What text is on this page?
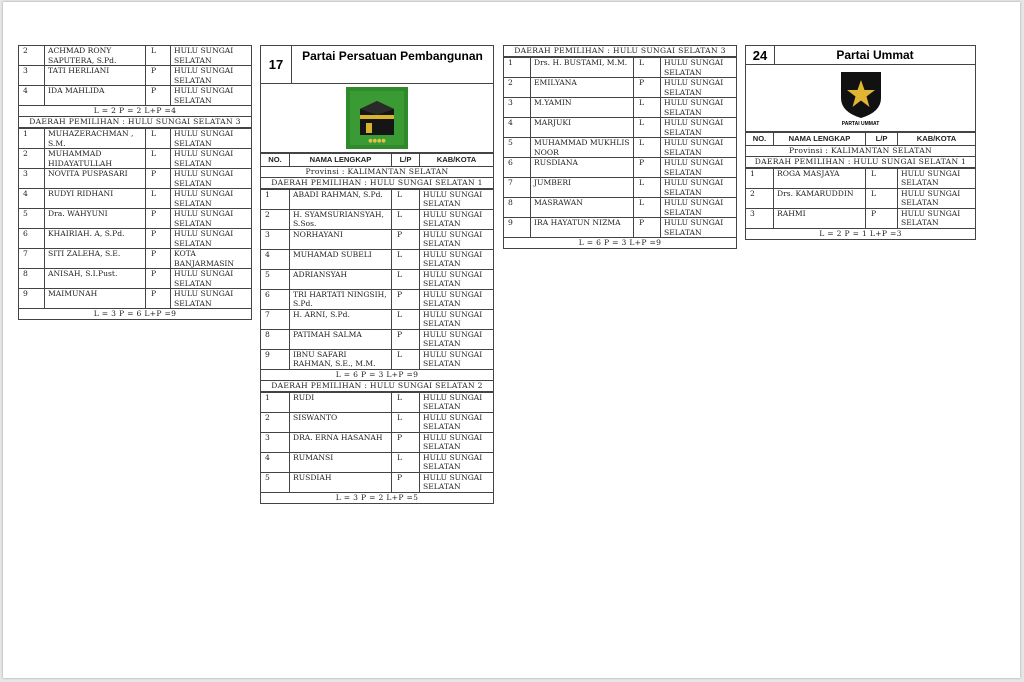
2	ACHMAD RONY SAPUTERA, S.Pd.	L	HULU SUNGAI SELATAN
3	TATI HERLIANI	P	HULU SUNGAI SELATAN
4	IDA MAHLIDA	P	HULU SUNGAI SELATAN
L = 2 P = 2 L+P =4
DAERAH PEMILIHAN : HULU SUNGAI SELATAN 3
1	MUHAZERACHMAN , S.M.	L	HULU SUNGAI SELATAN
2	MUHAMMAD HIDAYATULLAH	L	HULU SUNGAI SELATAN
3	NOVITA PUSPASARI	P	HULU SUNGAI SELATAN
4	RUDYI RIDHANI	L	HULU SUNGAI SELATAN
5	Dra. WAHYUNI	P	HULU SUNGAI SELATAN
6	KHAIRIAH. A, S.Pd.	P	HULU SUNGAI SELATAN
7	SITI ZALEHA, S.E.	P	KOTA BANJARMASIN
8	ANISAH, S.I.Pust.	P	HULU SUNGAI SELATAN
9	MAIMUNAH	P	HULU SUNGAI SELATAN
L = 3 P = 6 L+P =9
17
Partai Persatuan Pembangunan
●●●●
NO.	NAMA LENGKAP	L/P	KAB/KOTA
Provinsi : KALIMANTAN SELATAN
DAERAH PEMILIHAN : HULU SUNGAI SELATAN 1
1	ABADI RAHMAN, S.Pd.	L	HULU SUNGAI SELATAN
2	H. SYAMSURIANSYAH, S.Sos.	L	HULU SUNGAI SELATAN
3	NORHAYANI	P	HULU SUNGAI SELATAN
4	MUHAMAD SUBELI	L	HULU SUNGAI SELATAN
5	ADRIANSYAH	L	HULU SUNGAI SELATAN
6	TRI HARTATI NINGSIH, S.Pd.	P	HULU SUNGAI SELATAN
7	H. ARNI, S.Pd.	L	HULU SUNGAI SELATAN
8	PATIMAH SALMA	P	HULU SUNGAI SELATAN
9	IBNU SAFARI RAHMAN, S.E., M.M.	L	HULU SUNGAI SELATAN
L = 6 P = 3 L+P =9
DAERAH PEMILIHAN : HULU SUNGAI SELATAN 2
1	RUDI	L	HULU SUNGAI SELATAN
2	SISWANTO	L	HULU SUNGAI SELATAN
3	DRA. ERNA HASANAH	P	HULU SUNGAI SELATAN
4	RUMANSI	L	HULU SUNGAI SELATAN
5	RUSDIAH	P	HULU SUNGAI SELATAN
L = 3 P = 2 L+P =5
DAERAH PEMILIHAN : HULU SUNGAI SELATAN 3
1	Drs. H. BUSTAMI, M.M.	L	HULU SUNGAI SELATAN
2	EMILYANA	P	HULU SUNGAI SELATAN
3	M.YAMIN	L	HULU SUNGAI SELATAN
4	MARJUKI	L	HULU SUNGAI SELATAN
5	MUHAMMAD MUKHLIS NOOR	L	HULU SUNGAI SELATAN
6	RUSDIANA	P	HULU SUNGAI SELATAN
7	JUMBERI	L	HULU SUNGAI SELATAN
8	MASRAWAN	L	HULU SUNGAI SELATAN
9	IRA HAYATUN NIZMA	P	HULU SUNGAI SELATAN
L = 6 P = 3 L+P =9
24	Partai Ummat
PARTAI UMMAT
NO.	NAMA LENGKAP	L/P	KAB/KOTA
Provinsi : KALIMANTAN SELATAN
DAERAH PEMILIHAN : HULU SUNGAI SELATAN 1
1	ROGA MASJAYA	L	HULU SUNGAI SELATAN
2	Drs. KAMARUDDIN	L	HULU SUNGAI SELATAN
3	RAHMI	P	HULU SUNGAI SELATAN
L = 2 P = 1 L+P =3
